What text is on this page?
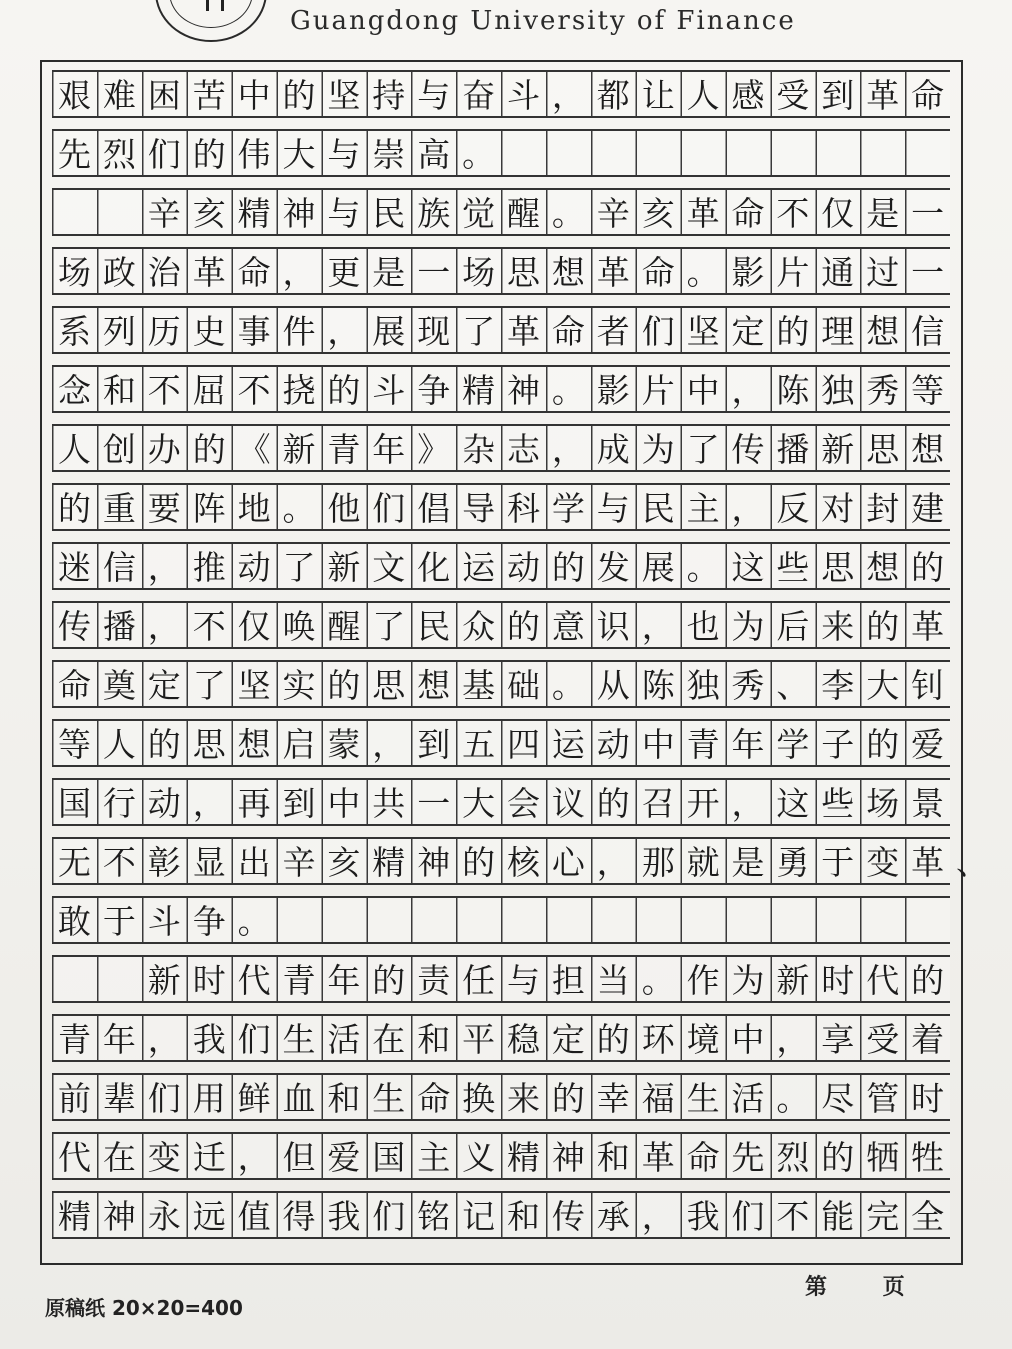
Guangdong University of Finance
艰难困苦中的坚持与奋斗，都让人感受到革命
先烈们的伟大与崇高。
　　辛亥精神与民族觉醒。辛亥革命不仅是一
场政治革命，更是一场思想革命。影片通过一
系列历史事件，展现了革命者们坚定的理想信
念和不屈不挠的斗争精神。影片中，陈独秀等
人创办的《新青年》杂志，成为了传播新思想
的重要阵地。他们倡导科学与民主，反对封建
迷信，推动了新文化运动的发展。这些思想的
传播，不仅唤醒了民众的意识，也为后来的革
命奠定了坚实的思想基础。从陈独秀、李大钊
等人的思想启蒙，到五四运动中青年学子的爱
国行动，再到中共一大会议的召开，这些场景
无不彰显出辛亥精神的核心，那就是勇于变革、
敢于斗争。
　　新时代青年的责任与担当。作为新时代的
青年，我们生活在和平稳定的环境中，享受着
前辈们用鲜血和生命换来的幸福生活。尽管时
代在变迁，但爱国主义精神和革命先烈的牺牲
精神永远值得我们铭记和传承，我们不能完全
第 页
原稿纸 20×20=400
